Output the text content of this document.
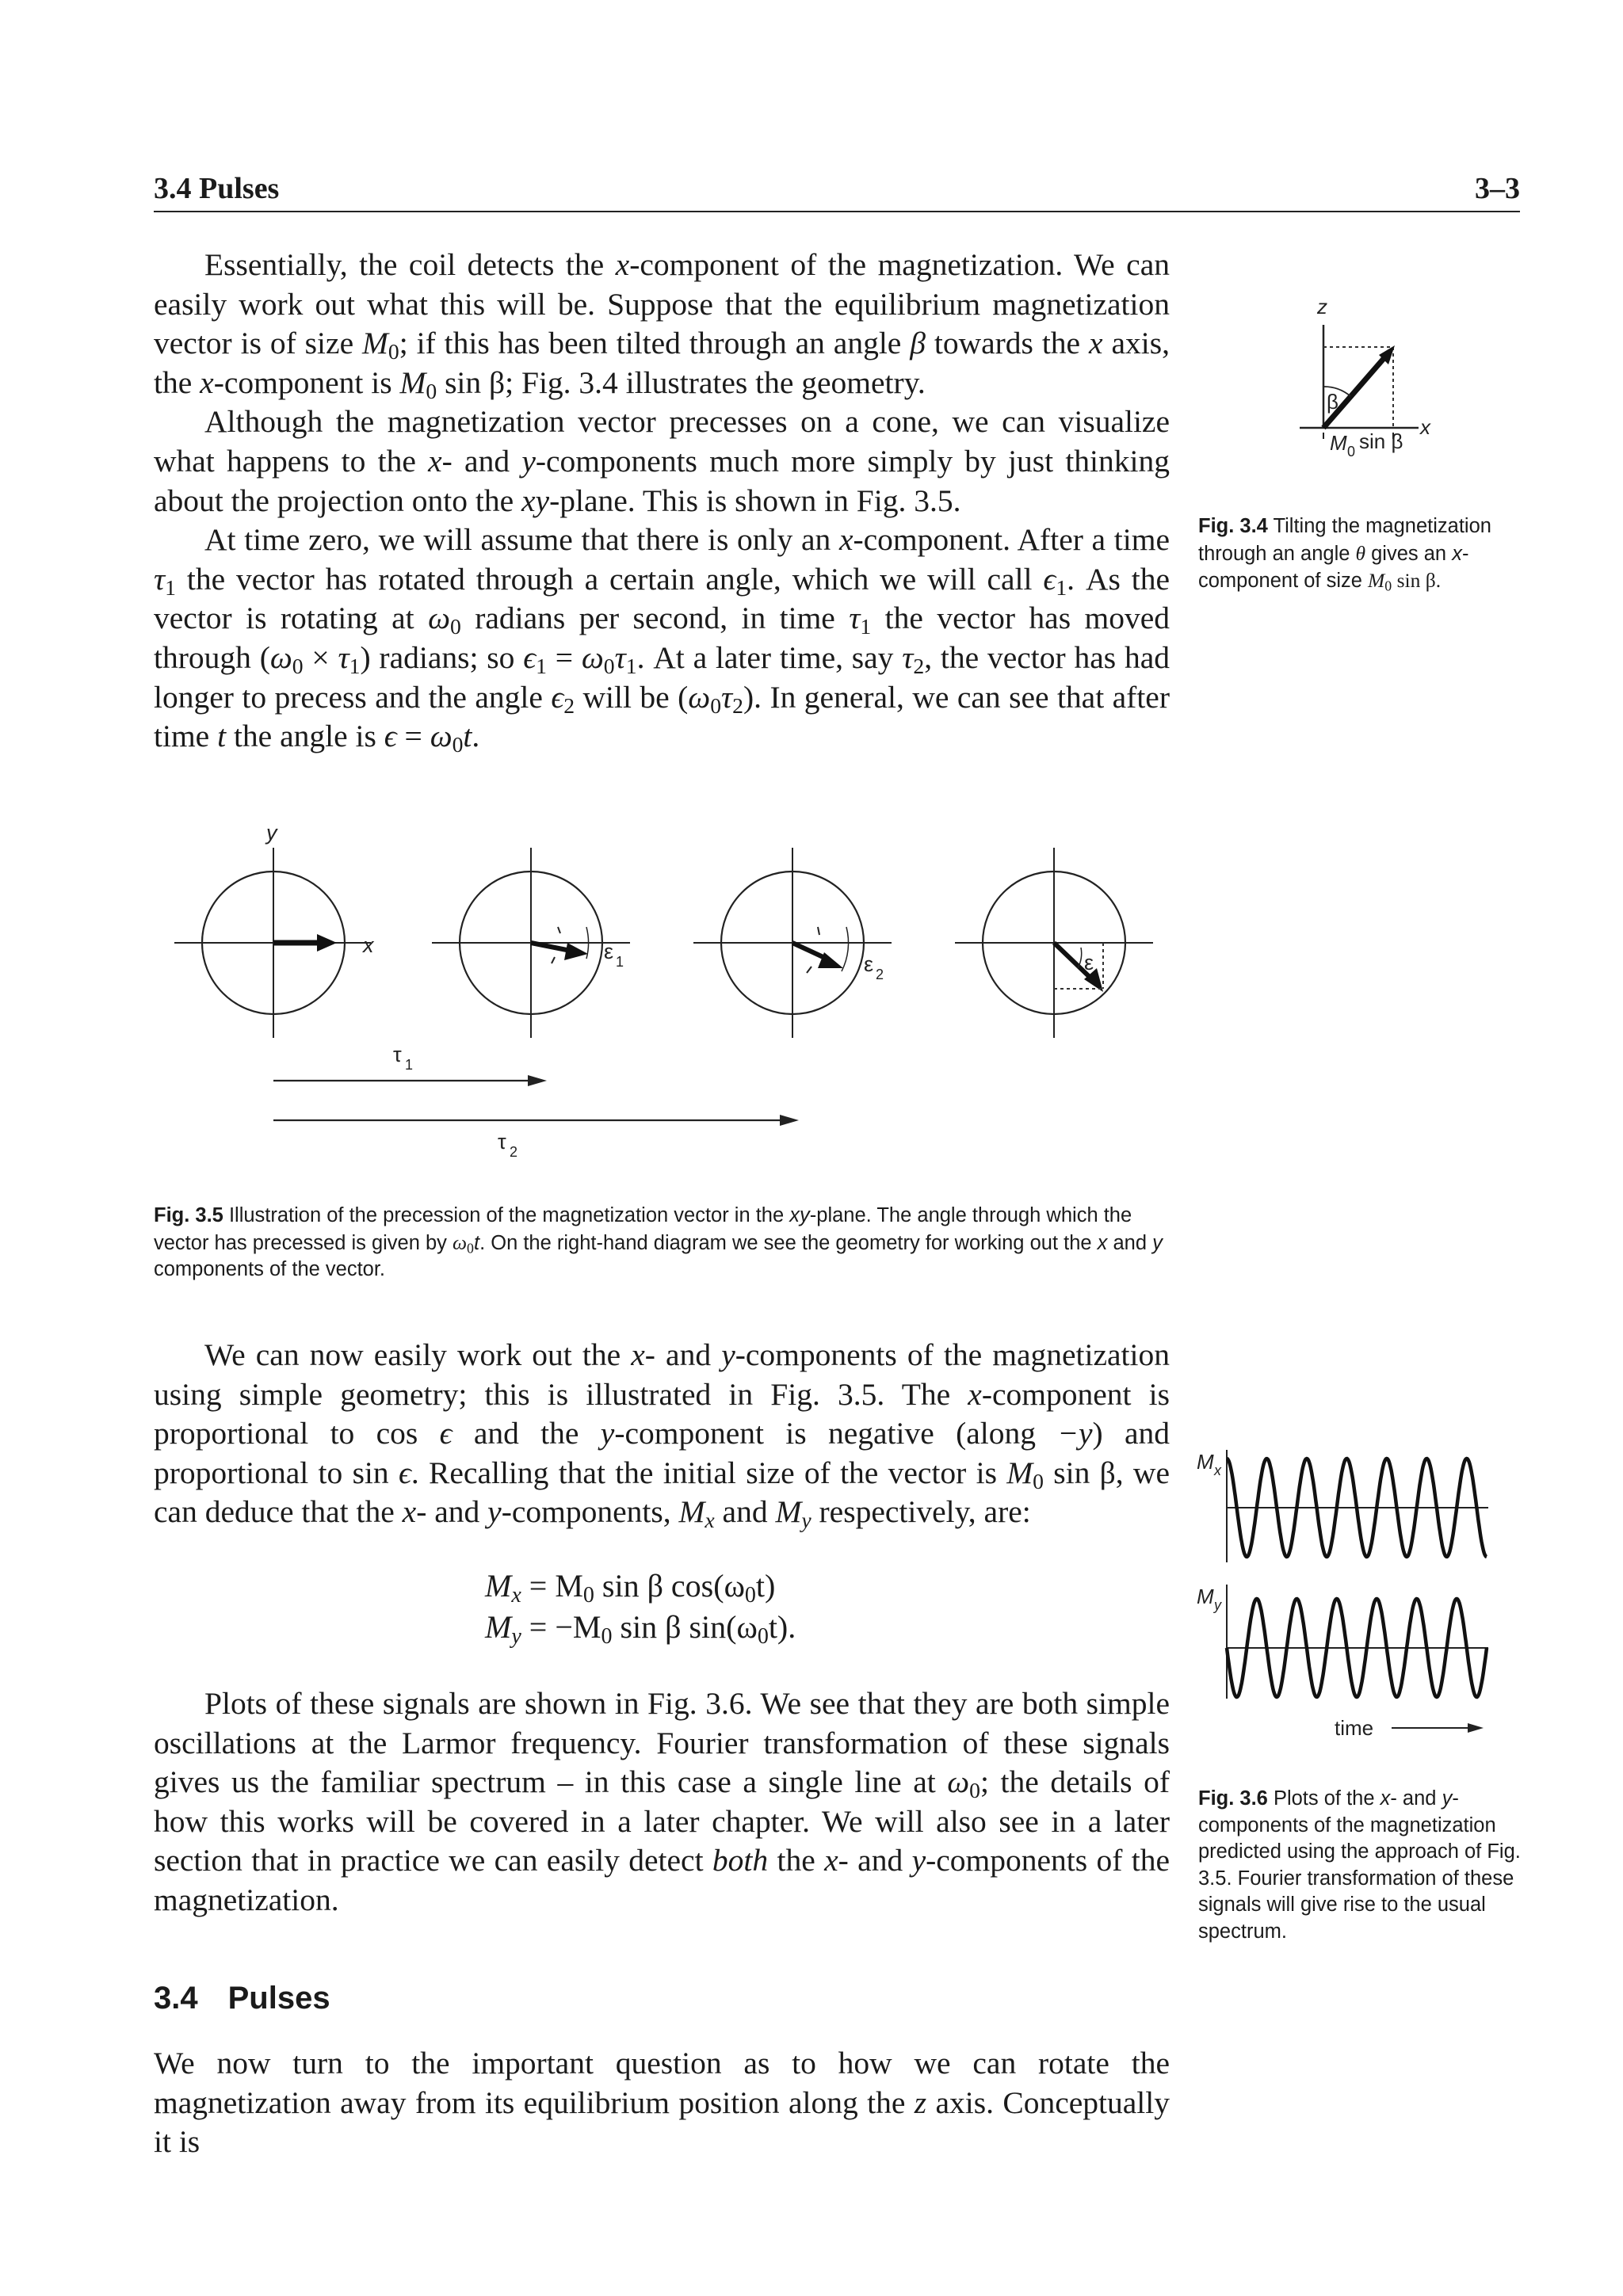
3.4 Pulses	3–3

Essentially, the coil detects the x-component of the magnetization. We can easily work out what this will be. Suppose that the equilibrium magnetization vector is of size $M_0$; if this has been tilted through an angle β towards the x axis, the x-component is $M_0$ sin β; Fig. 3.4 illustrates the geometry.

Although the magnetization vector precesses on a cone, we can visualize what happens to the x- and y-components much more simply by just thinking about the projection onto the xy-plane. This is shown in Fig. 3.5.

At time zero, we will assume that there is only an x-component. After a time $\tau_1$ the vector has rotated through a certain angle, which we will call $\epsilon_1$. As the vector is rotating at $\omega_0$ radians per second, in time $\tau_1$ the vector has moved through $(\omega_0 \times \tau_1)$ radians; so $\epsilon_1 = \omega_0\tau_1$. At a later time, say $\tau_2$, the vector has had longer to precess and the angle $\epsilon_2$ will be $(\omega_0\tau_2)$. In general, we can see that after time t the angle is $\epsilon = \omega_0t$.

z
x
β
M 0 sin β

Fig. 3.4 Tilting the magnetization through an angle θ gives an x-component of size $M_0$ sin β.

y
x	ε 1	ε 2	ε
τ 1
τ 2

Fig. 3.5 Illustration of the precession of the magnetization vector in the xy-plane. The angle through which the vector has precessed is given by $\omega_0t$. On the right-hand diagram we see the geometry for working out the x and y components of the vector.

We can now easily work out the x- and y-components of the magnetization using simple geometry; this is illustrated in Fig. 3.5. The x-component is proportional to cos ϵ and the y-component is negative (along −y) and proportional to sin ϵ. Recalling that the initial size of the vector is $M_0$ sin β, we can deduce that the x- and y-components, $M_x$ and $M_y$ respectively, are:

$M_x = M_0$ sin β $\cos(\omega_0t)$
$M_y = -M_0$ sin β $\sin(\omega_0t)$.

Plots of these signals are shown in Fig. 3.6. We see that they are both simple oscillations at the Larmor frequency. Fourier transformation of these signals gives us the familiar spectrum – in this case a single line at $\omega_0$; the details of how this works will be covered in a later chapter. We will also see in a later section that in practice we can easily detect both the x- and y-components of the magnetization.

M x
M y
time

Fig. 3.6 Plots of the x- and y-components of the magnetization predicted using the approach of Fig. 3.5. Fourier transformation of these signals will give rise to the usual spectrum.

3.4 Pulses

We now turn to the important question as to how we can rotate the magnetization away from its equilibrium position along the z axis. Conceptually it is
